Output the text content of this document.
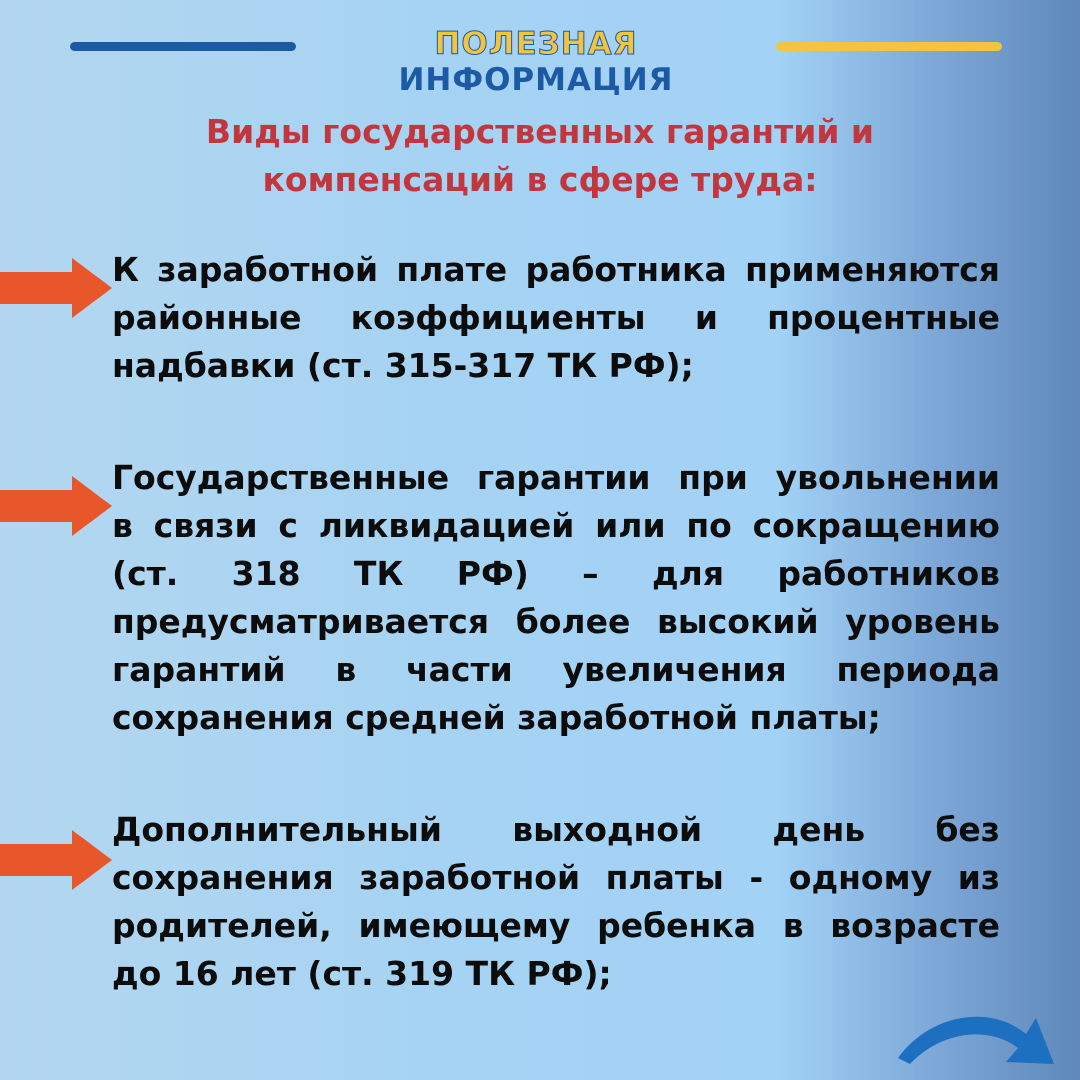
ПОЛЕЗНАЯ ИНФОРМАЦИЯ
Виды государственных гарантий и
компенсаций в сфере труда:
К заработной плате работника применяются
районные коэффициенты и процентные
надбавки (ст. 315-317 ТК РФ);
Государственные гарантии при увольнении
в связи с ликвидацией или по сокращению
(ст. 318 ТК РФ) – для работников
предусматривается более высокий уровень
гарантий в части увеличения периода
сохранения средней заработной платы;
Дополнительный выходной день без
сохранения заработной платы - одному из
родителей, имеющему ребенка в возрасте
до 16 лет (ст. 319 ТК РФ);
